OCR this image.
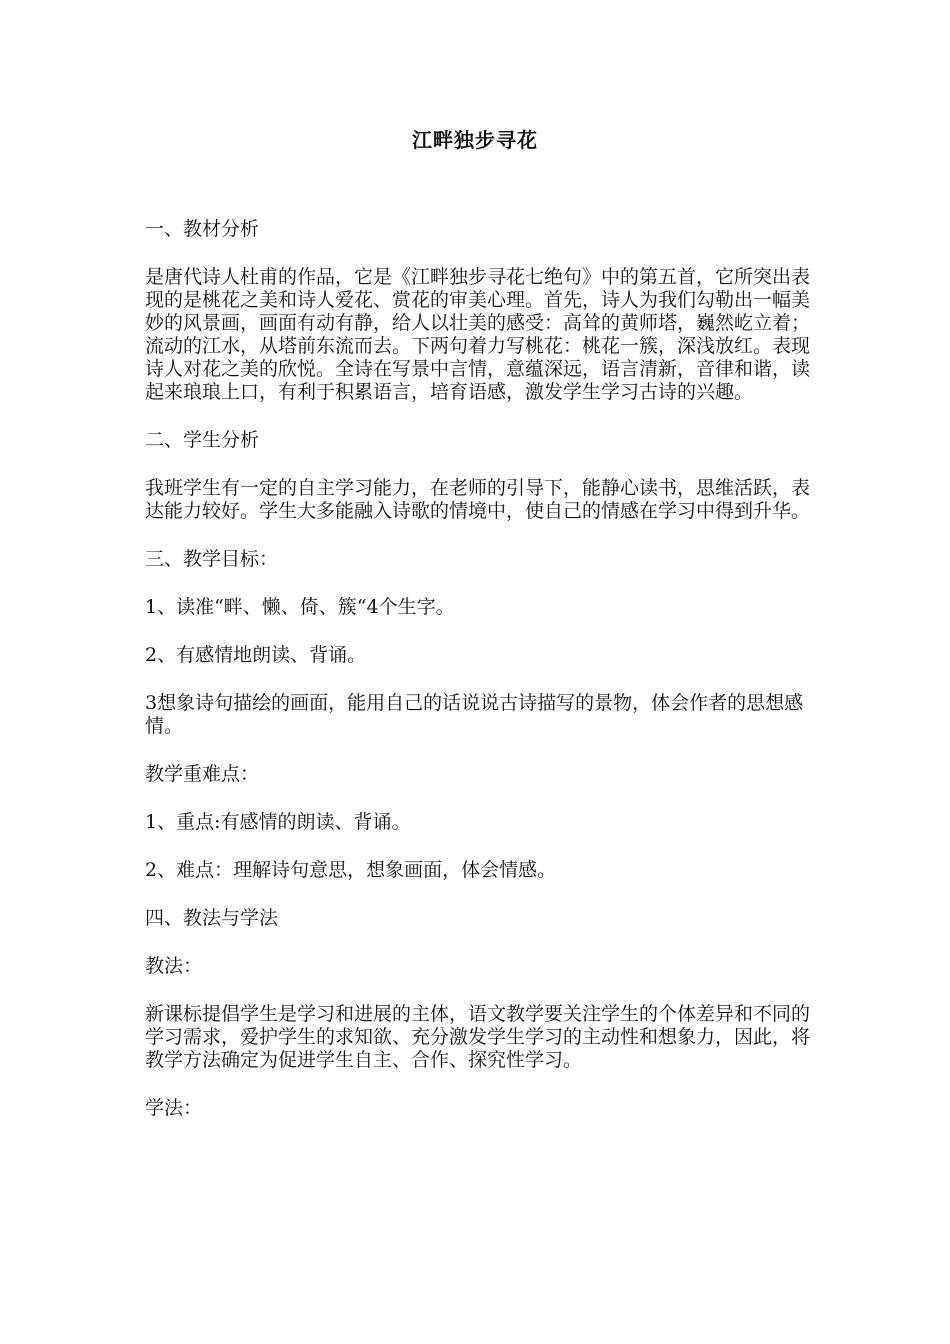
江畔独步寻花

一、教材分析

是唐代诗人杜甫的作品，它是《江畔独步寻花七绝句》中的第五首，它所突出表现的是桃花之美和诗人爱花、赏花的审美心理。首先，诗人为我们勾勒出一幅美妙的风景画，画面有动有静，给人以壮美的感受：高耸的黄师塔，巍然屹立着；流动的江水，从塔前东流而去。下两句着力写桃花：桃花一簇，深浅放红。表现诗人对花之美的欣悦。全诗在写景中言情，意蕴深远，语言清新，音律和谐，读起来琅琅上口，有利于积累语言，培育语感，激发学生学习古诗的兴趣。

二、学生分析

我班学生有一定的自主学习能力，在老师的引导下，能静心读书，思维活跃，表达能力较好。学生大多能融入诗歌的情境中，使自己的情感在学习中得到升华。

三、教学目标：

1、读准“畔、懒、倚、簇“4个生字。

2、有感情地朗读、背诵。

3想象诗句描绘的画面，能用自己的话说说古诗描写的景物，体会作者的思想感情。

教学重难点：

1、重点:有感情的朗读、背诵。

2、难点：理解诗句意思，想象画面，体会情感。

四、教法与学法

教法：

新课标提倡学生是学习和进展的主体，语文教学要关注学生的个体差异和不同的学习需求，爱护学生的求知欲、充分激发学生学习的主动性和想象力，因此，将教学方法确定为促进学生自主、合作、探究性学习。

学法：
